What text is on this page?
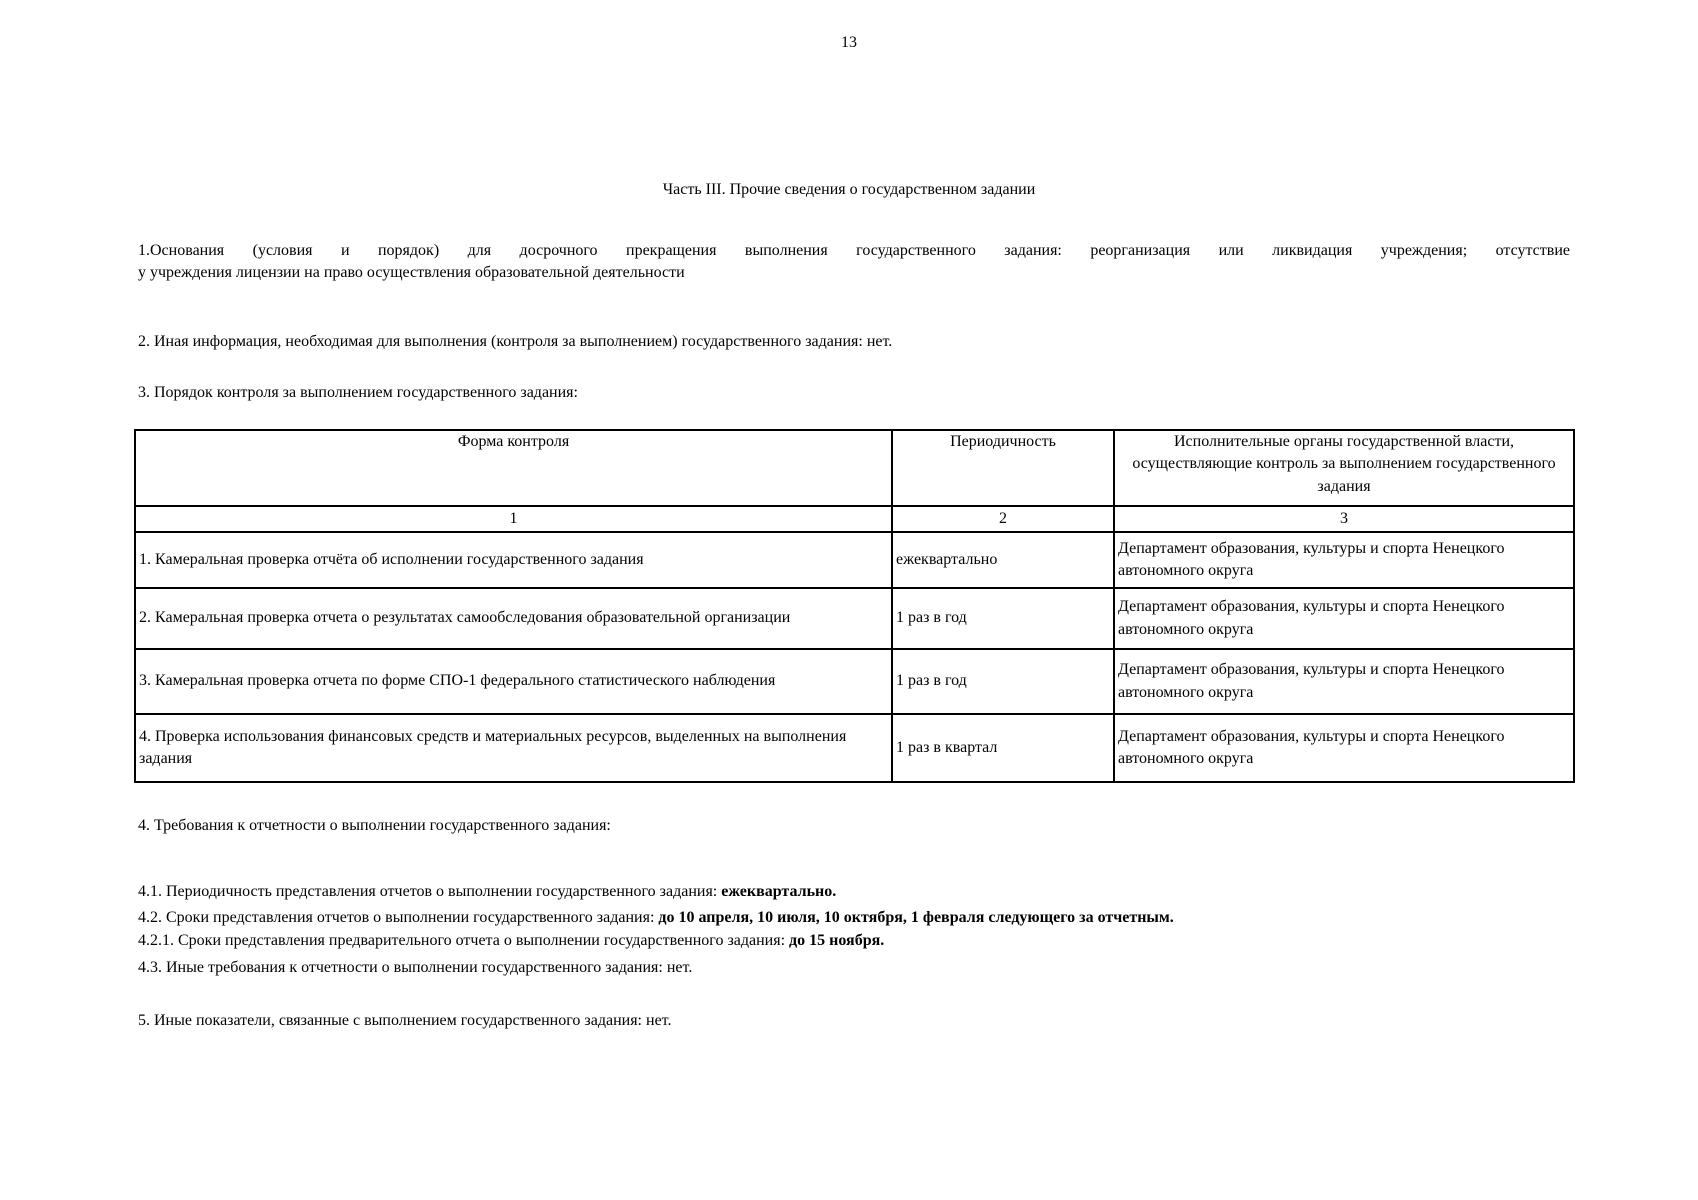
13
Часть III. Прочие сведения о государственном задании
1.Основания (условия и порядок) для досрочного прекращения выполнения государственного задания: реорганизация или ликвидация учреждения; отсутствие
у учреждения лицензии на право осуществления образовательной деятельности
2. Иная информация, необходимая для выполнения (контроля за выполнением) государственного задания: нет.
3. Порядок контроля за выполнением государственного задания:
Форма контроля	Периодичность	Исполнительные органы государственной власти, осуществляющие контроль за выполнением государственного задания
1	2	3
1. Камеральная проверка отчёта об исполнении государственного задания	ежеквартально	Департамент образования, культуры и спорта Ненецкого автономного округа
2. Камеральная проверка отчета о результатах самообследования образовательной организации	1 раз в год	Департамент образования, культуры и спорта Ненецкого автономного округа
3. Камеральная проверка отчета по форме СПО-1 федерального статистического наблюдения	1 раз в год	Департамент образования, культуры и спорта Ненецкого автономного округа
4. Проверка использования финансовых средств и материальных ресурсов, выделенных на выполнения задания	1 раз в квартал	Департамент образования, культуры и спорта Ненецкого автономного округа
4. Требования к отчетности о выполнении государственного задания:
4.1. Периодичность представления отчетов о выполнении государственного задания: ежеквартально.
4.2. Сроки представления отчетов о выполнении государственного задания: до 10 апреля, 10 июля, 10 октября, 1 февраля следующего за отчетным.
4.2.1. Сроки представления предварительного отчета о выполнении государственного задания: до 15 ноября.
4.3. Иные требования к отчетности о выполнении государственного задания: нет.
5. Иные показатели, связанные с выполнением государственного задания: нет.
